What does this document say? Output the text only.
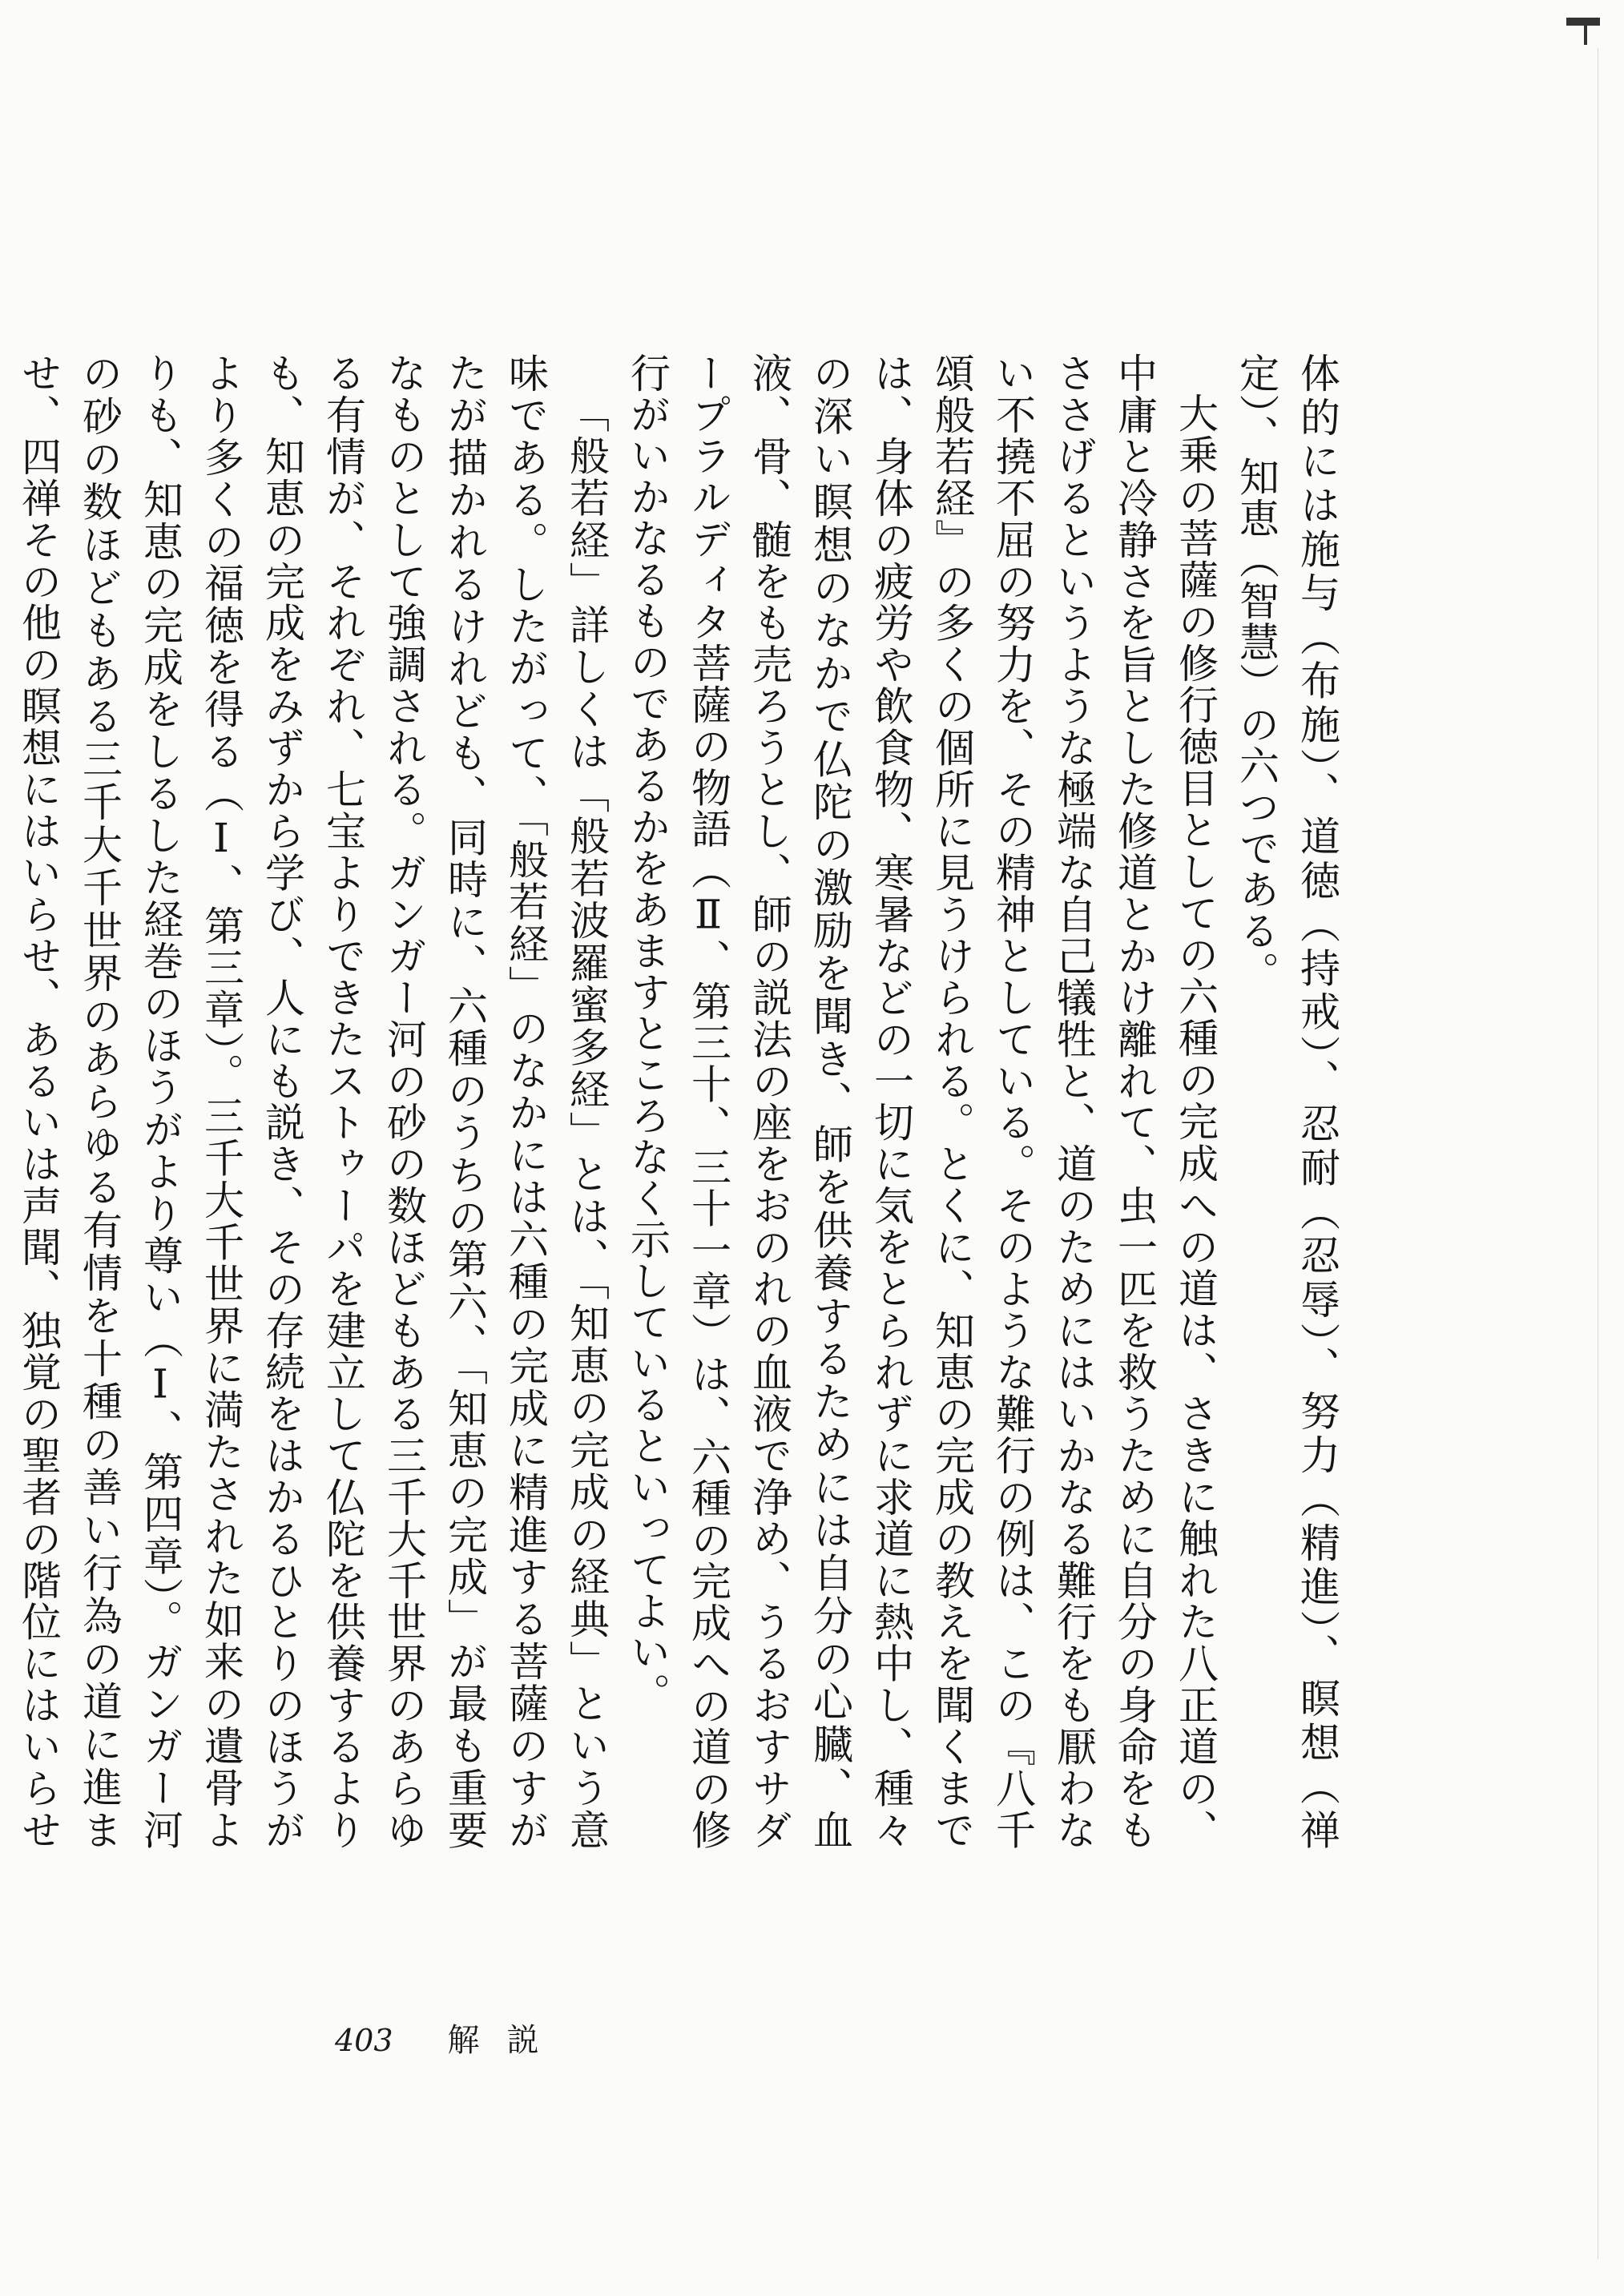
体的には施与（布施）、道徳（持戒）、忍耐（忍辱）、努力（精進）、瞑想（禅定）、知恵（智慧）の六つである。

大乗の菩薩の修行徳目としての六種の完成への道は、さきに触れた八正道の、中庸と冷静さを旨とした修道とかけ離れて、虫一匹を救うために自分の身命をもささげるというような極端な自己犠牲と、道のためにはいかなる難行をも厭わない不撓不屈の努力を、その精神としている。そのような難行の例は、この『八千頌般若経』の多くの個所に見うけられる。とくに、知恵の完成の教えを聞くまでは、身体の疲労や飲食物、寒暑などの一切に気をとられずに求道に熱中し、種々の深い瞑想のなかで仏陀の激励を聞き、師を供養するためには自分の心臓、血液、骨、髄をも売ろうとし、師の説法の座をおのれの血液で浄め、うるおすサダープラルディタ菩薩の物語（Ⅱ、第三十、三十一章）は、六種の完成への道の修行がいかなるものであるかをあますところなく示しているといってよい。

「般若経」詳しくは「般若波羅蜜多経」とは、「知恵の完成の経典」という意味である。したがって、「般若経」のなかには六種の完成に精進する菩薩のすがたが描かれるけれども、同時に、六種のうちの第六、「知恵の完成」が最も重要なものとして強調される。ガンガー河の砂の数ほどもある三千大千世界のあらゆる有情が、それぞれ、七宝よりできたストゥーパを建立して仏陀を供養するよりも、知恵の完成をみずから学び、人にも説き、その存続をはかるひとりのほうがより多くの福徳を得る（Ⅰ、第三章）。三千大千世界に満たされた如来の遺骨よりも、知恵の完成をしるした経巻のほうがより尊い（Ⅰ、第四章）。ガンガー河の砂の数ほどもある三千大千世界のあらゆる有情を十種の善い行為の道に進ませ、四禅その他の瞑想にはいらせ、あるいは声聞、独覚の聖者の階位にはいらせ

403 解説
